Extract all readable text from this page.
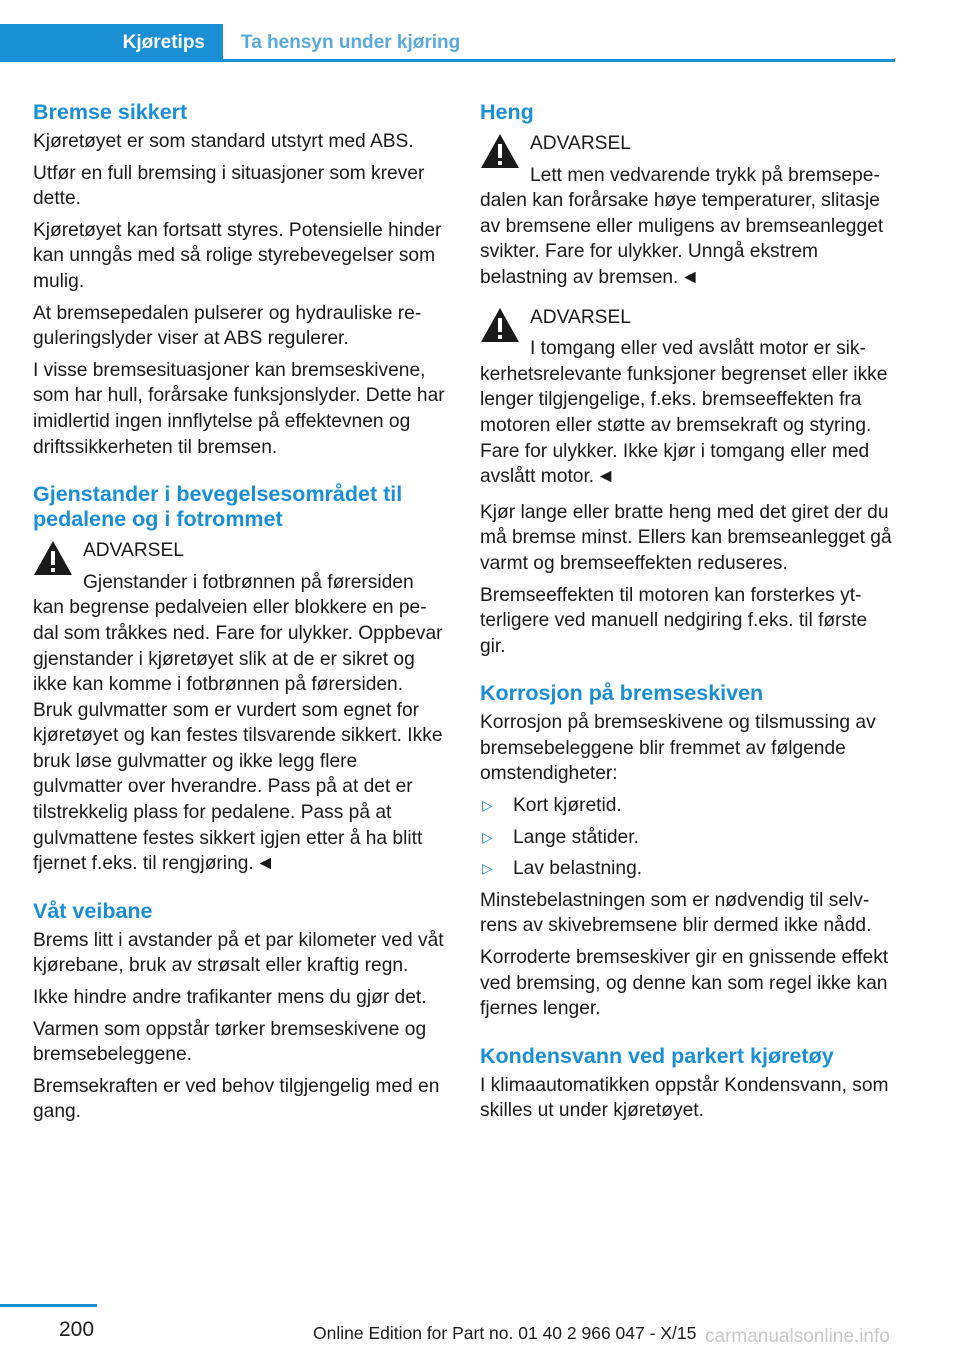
Kjøretips	Ta hensyn under kjøring
Bremse sikkert

Kjøretøyet er som standard utstyrt med ABS.

Utfør en full bremsing i situasjoner som krever dette.

Kjøretøyet kan fortsatt styres. Potensielle hinder kan unngås med så rolige styrebevegelser som mulig.

At bremsepedalen pulserer og hydrauliske reguleringslyder viser at ABS regulerer.

I visse bremsesituasjoner kan bremseskivene, som har hull, forårsake funksjonslyder. Dette har imidlertid ingen innflytelse på effektevnen og driftssikkerheten til bremsen.

Gjenstander i bevegelsesområdet til pedalene og i fotrommet
ADVARSEL
Gjenstander i fotbrønnen på førersiden kan begrense pedalveien eller blokkere en pedal som tråkkes ned. Fare for ulykker. Oppbevar gjenstander i kjøretøyet slik at de er sikret og ikke kan komme i fotbrønnen på førersiden. Bruk gulvmatter som er vurdert som egnet for kjøretøyet og kan festes tilsvarende sikkert. Ikke bruk løse gulvmatter og ikke legg flere gulvmatter over hverandre. Pass på at det er tilstrekkelig plass for pedalene. Pass på at gulvmattene festes sikkert igjen etter å ha blitt fjernet f.eks. til rengjøring. ◄
Våt veibane

Brems litt i avstander på et par kilometer ved våt kjørebane, bruk av strøsalt eller kraftig regn.

Ikke hindre andre trafikanter mens du gjør det.

Varmen som oppstår tørker bremseskivene og bremsebeleggene.

Bremsekraften er ved behov tilgjengelig med en gang.

Heng
ADVARSEL
Lett men vedvarende trykk på bremsepedalen kan forårsake høye temperaturer, slitasje av bremsene eller muligens av bremseanlegget svikter. Fare for ulykker. Unngå ekstrem belastning av bremsen. ◄
ADVARSEL
I tomgang eller ved avslått motor er sikkerhetsrelevante funksjoner begrenset eller ikke lenger tilgjengelige, f.eks. bremseeffekten fra motoren eller støtte av bremsekraft og styring. Fare for ulykker. Ikke kjør i tomgang eller med avslått motor. ◄

Kjør lange eller bratte heng med det giret der du må bremse minst. Ellers kan bremseanlegget gå varmt og bremseeffekten reduseres.

Bremseeffekten til motoren kan forsterkes ytterligere ved manuell nedgiring f.eks. til første gir.

Korrosjon på bremseskiven

Korrosjon på bremseskivene og tilsmussing av bremsebeleggene blir fremmet av følgende omstendigheter:

▷ Kort kjøretid.
▷ Lange ståtider.
▷ Lav belastning.

Minstebelastningen som er nødvendig til selvrens av skivebremsene blir dermed ikke nådd.

Korroderte bremseskiver gir en gnissende effekt ved bremsing, og denne kan som regel ikke kan fjernes lenger.

Kondensvann ved parkert kjøretøy

I klimaautomatikken oppstår Kondensvann, som skilles ut under kjøretøyet.

200	Online Edition for Part no. 01 40 2 966 047 - X/15 carmanualsonline.info
